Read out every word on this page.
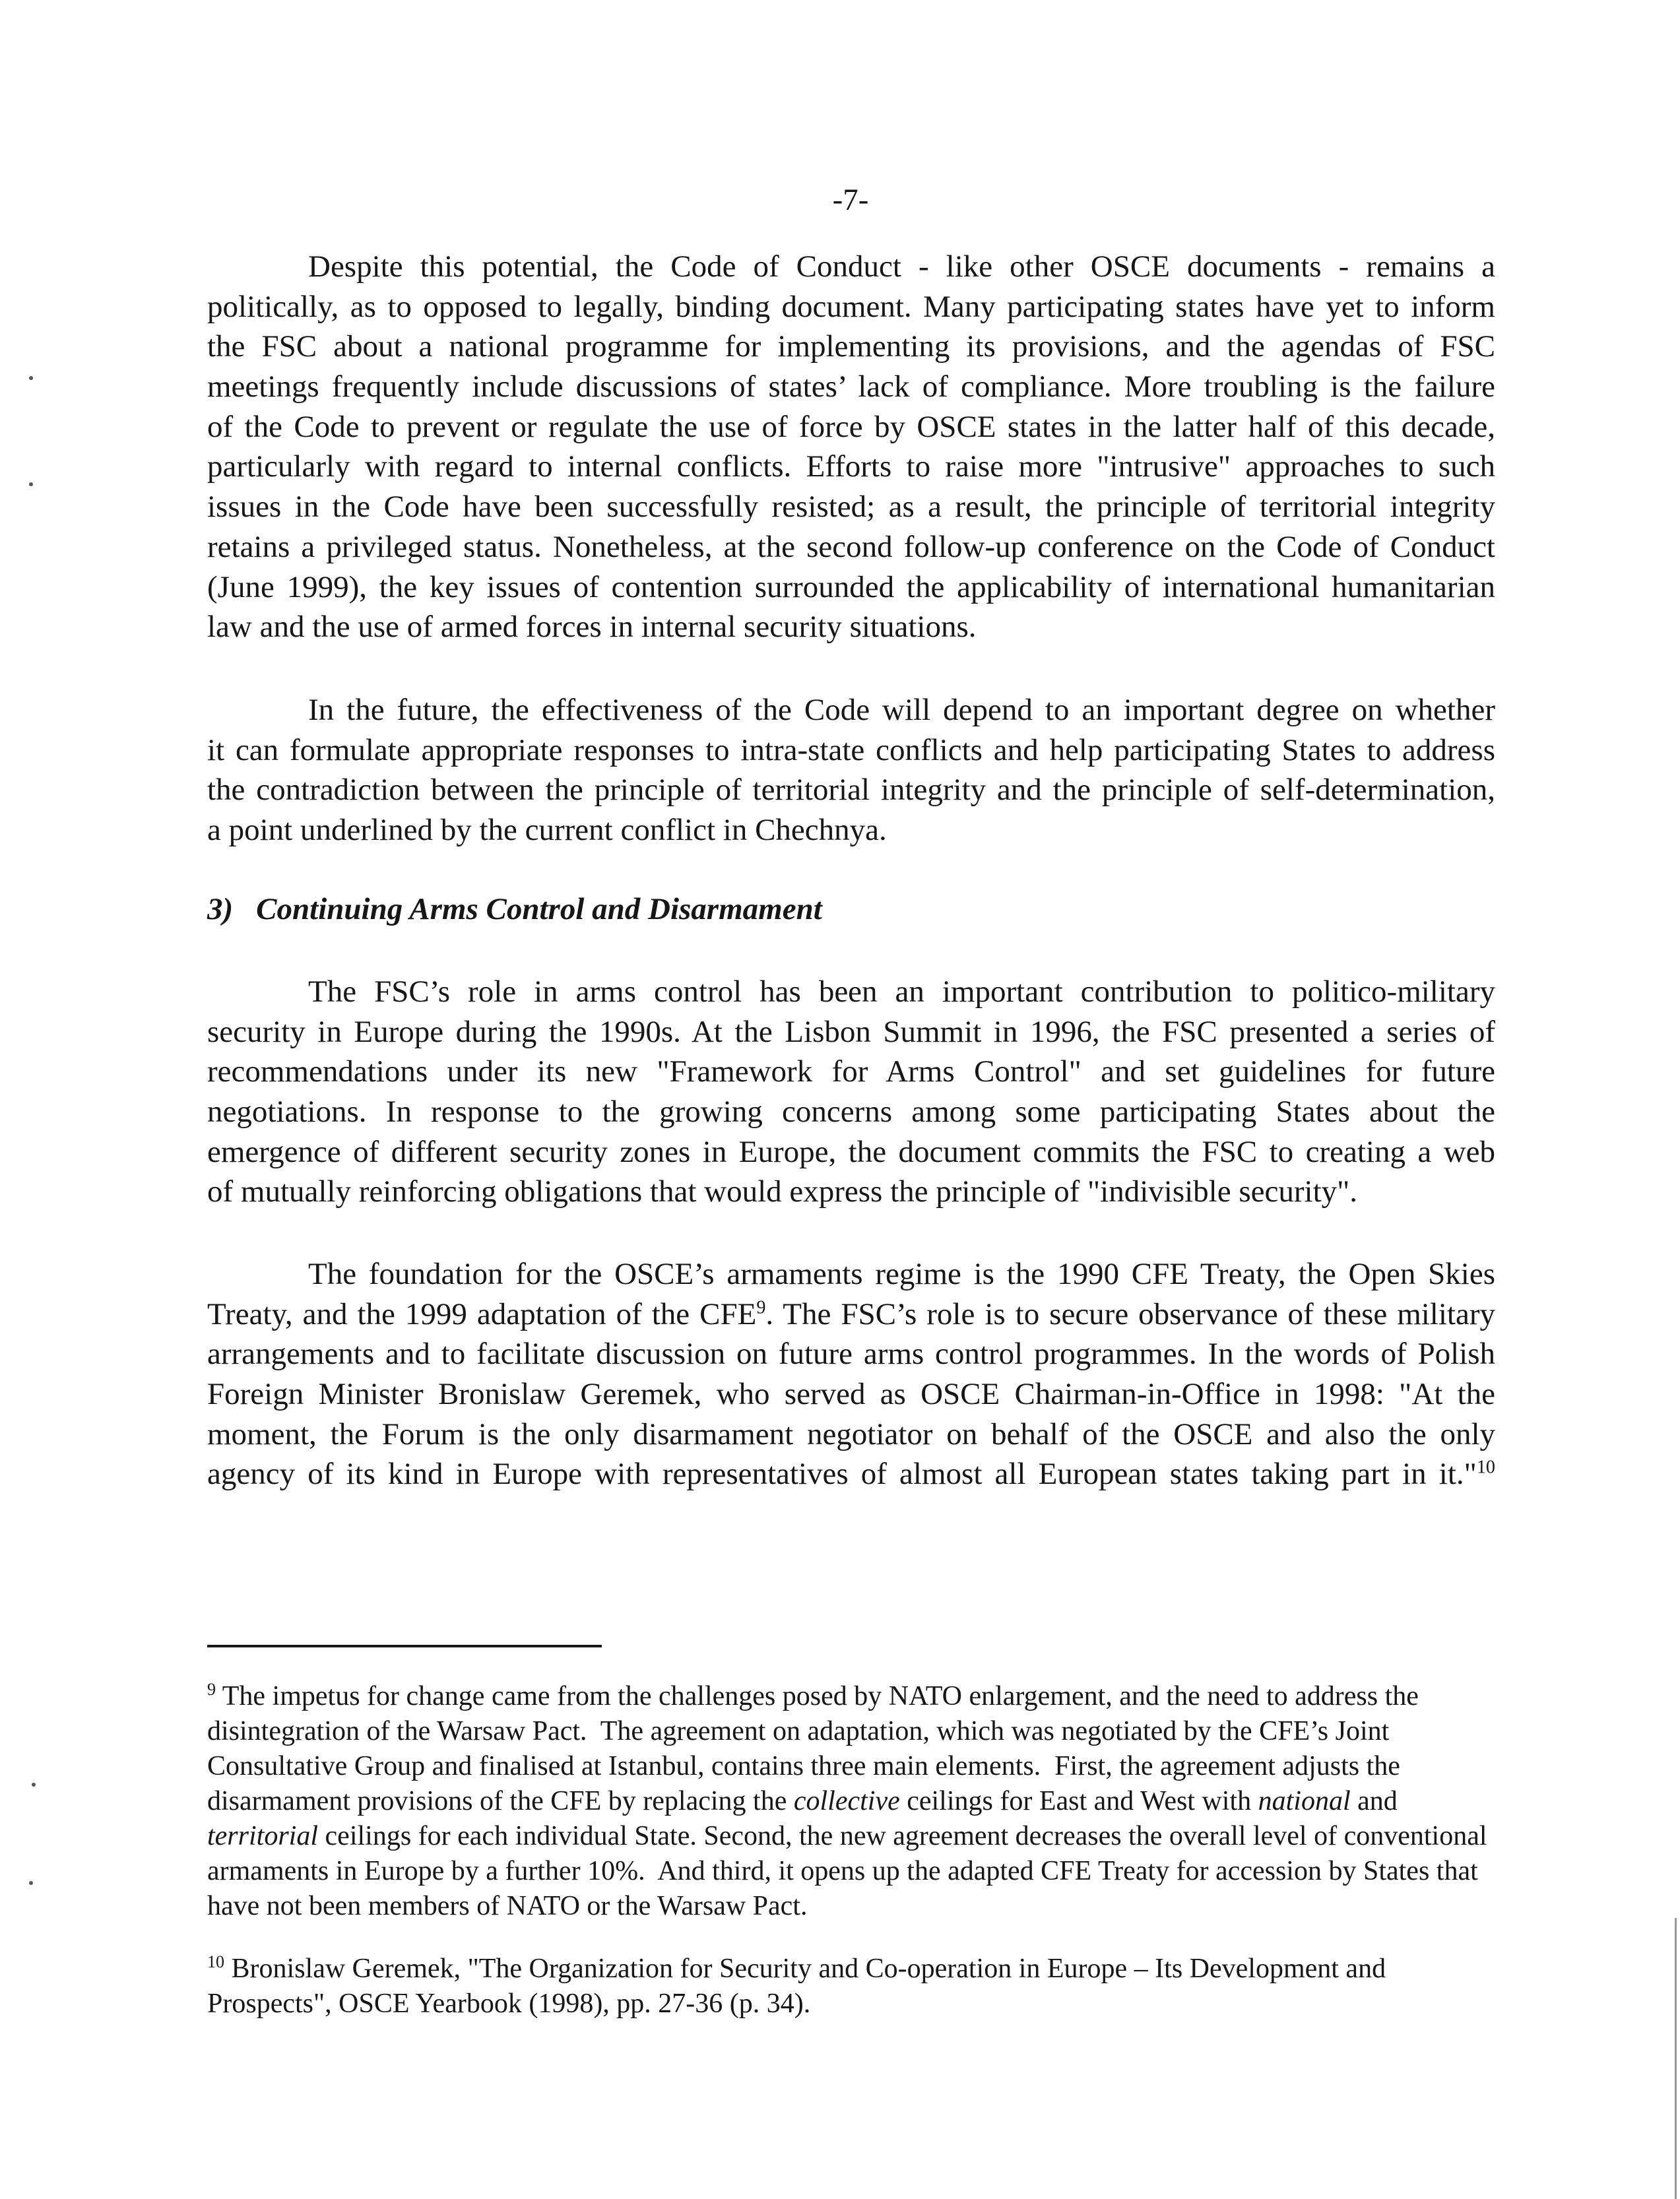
-7-
Despite this potential, the Code of Conduct - like other OSCE documents - remains a
politically, as to opposed to legally, binding document. Many participating states have yet to inform
the FSC about a national programme for implementing its provisions, and the agendas of FSC
meetings frequently include discussions of states’ lack of compliance. More troubling is the failure
of the Code to prevent or regulate the use of force by OSCE states in the latter half of this decade,
particularly with regard to internal conflicts. Efforts to raise more "intrusive" approaches to such
issues in the Code have been successfully resisted; as a result, the principle of territorial integrity
retains a privileged status. Nonetheless, at the second follow-up conference on the Code of Conduct
(June 1999), the key issues of contention surrounded the applicability of international humanitarian
law and the use of armed forces in internal security situations.
In the future, the effectiveness of the Code will depend to an important degree on whether
it can formulate appropriate responses to intra-state conflicts and help participating States to address
the contradiction between the principle of territorial integrity and the principle of self-determination,
a point underlined by the current conflict in Chechnya.
3) Continuing Arms Control and Disarmament
The FSC’s role in arms control has been an important contribution to politico-military
security in Europe during the 1990s. At the Lisbon Summit in 1996, the FSC presented a series of
recommendations under its new "Framework for Arms Control" and set guidelines for future
negotiations. In response to the growing concerns among some participating States about the
emergence of different security zones in Europe, the document commits the FSC to creating a web
of mutually reinforcing obligations that would express the principle of "indivisible security".
The foundation for the OSCE’s armaments regime is the 1990 CFE Treaty, the Open Skies
Treaty, and the 1999 adaptation of the CFE$^9$. The FSC’s role is to secure observance of these military
arrangements and to facilitate discussion on future arms control programmes. In the words of Polish
Foreign Minister Bronislaw Geremek, who served as OSCE Chairman-in-Office in 1998: "At the
moment, the Forum is the only disarmament negotiator on behalf of the OSCE and also the only
agency of its kind in Europe with representatives of almost all European states taking part in it."$^{10}$
$^9$ The impetus for change came from the challenges posed by NATO enlargement, and the need to address the
disintegration of the Warsaw Pact.  The agreement on adaptation, which was negotiated by the CFE’s Joint
Consultative Group and finalised at Istanbul, contains three main elements.  First, the agreement adjusts the
disarmament provisions of the CFE by replacing the collective ceilings for East and West with national and
territorial ceilings for each individual State. Second, the new agreement decreases the overall level of conventional
armaments in Europe by a further 10%.  And third, it opens up the adapted CFE Treaty for accession by States that
have not been members of NATO or the Warsaw Pact.
$^{10}$ Bronislaw Geremek, "The Organization for Security and Co-operation in Europe – Its Development and
Prospects", OSCE Yearbook (1998), pp. 27-36 (p. 34).
